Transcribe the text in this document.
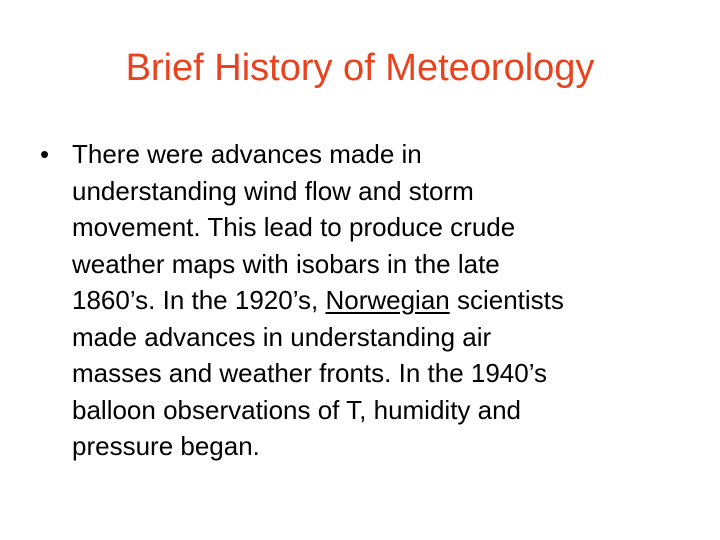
Brief History of Meteorology
• There were advances made in
understanding wind flow and storm
movement. This lead to produce crude
weather maps with isobars in the late
1860’s. In the 1920’s, Norwegian scientists
made advances in understanding air
masses and weather fronts. In the 1940’s
balloon observations of T, humidity and
pressure began.
